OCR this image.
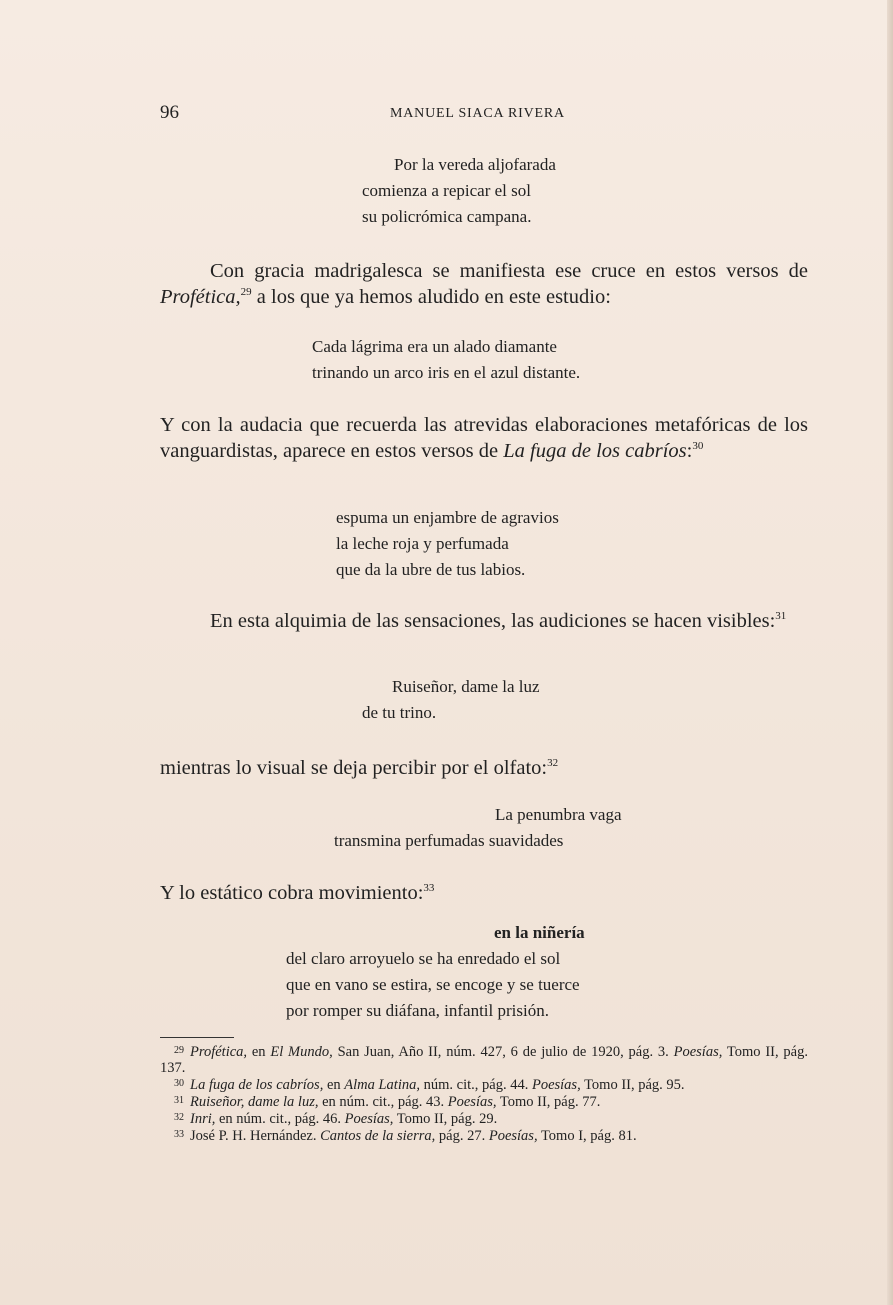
96	MANUEL SIACA RIVERA
Por la vereda aljofarada
comienza a repicar el sol
su policrómica campana.
Con gracia madrigalesca se manifiesta ese cruce en estos versos de Profética,$^{29}$ a los que ya hemos aludido en este estudio:
Cada lágrima era un alado diamante
trinando un arco iris en el azul distante.
Y con la audacia que recuerda las atrevidas elaboraciones metafóricas de los vanguardistas, aparece en estos versos de La fuga de los cabríos:$^{30}$
espuma un enjambre de agravios
la leche roja y perfumada
que da la ubre de tus labios.
En esta alquimia de las sensaciones, las audiciones se hacen visibles:$^{31}$
Ruiseñor, dame la luz
de tu trino.
mientras lo visual se deja percibir por el olfato:$^{32}$
La penumbra vaga
transmina perfumadas suavidades
Y lo estático cobra movimiento:$^{33}$
en la niñería
del claro arroyuelo se ha enredado el sol
que en vano se estira, se encoge y se tuerce
por romper su diáfana, infantil prisión.
29 Profética, en El Mundo, San Juan, Año II, núm. 427, 6 de julio de 1920, pág. 3. Poesías, Tomo II, pág. 137.
30 La fuga de los cabríos, en Alma Latina, núm. cit., pág. 44. Poesías, Tomo II, pág. 95.
31 Ruiseñor, dame la luz, en núm. cit., pág. 43. Poesías, Tomo II, pág. 77.
32 Inri, en núm. cit., pág. 46. Poesías, Tomo II, pág. 29.
33 José P. H. Hernández. Cantos de la sierra, pág. 27. Poesías, Tomo I, pág. 81.
